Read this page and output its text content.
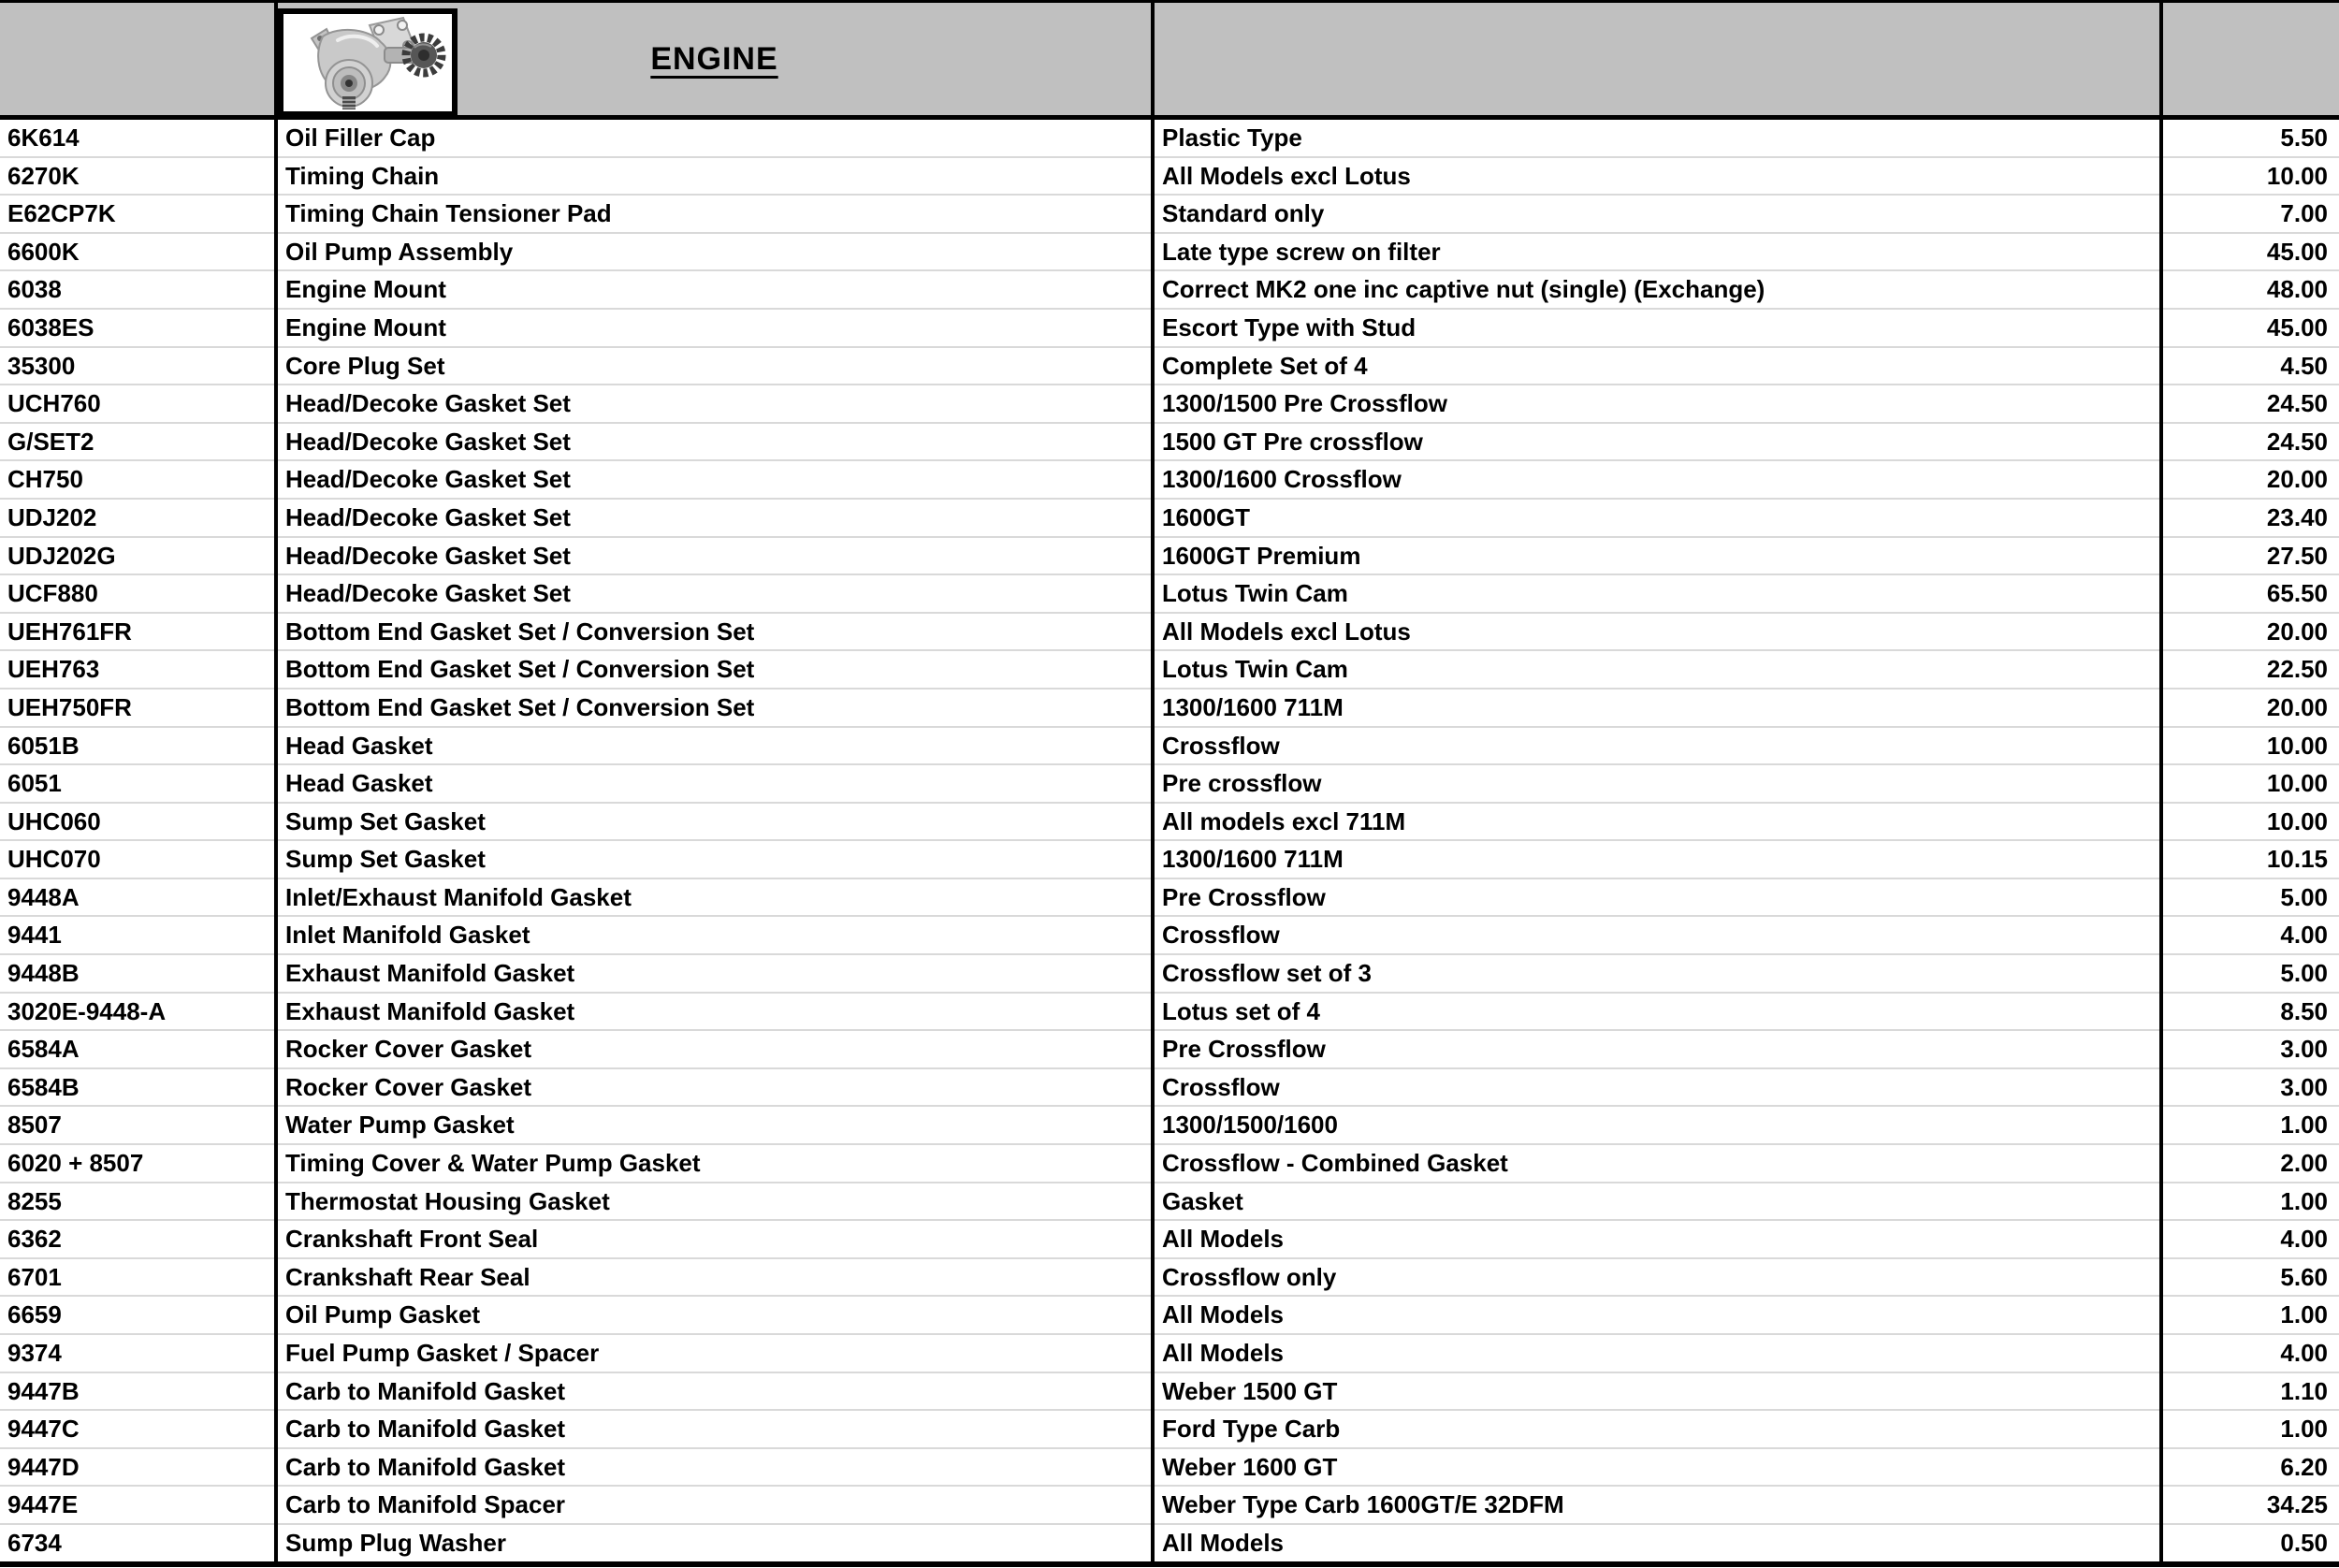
ENGINE		
6K614	Oil Filler Cap	Plastic Type	5.50
6270K	Timing Chain	All Models excl Lotus	10.00
E62CP7K	Timing Chain Tensioner Pad	Standard only	7.00
6600K	Oil Pump Assembly	Late type screw on filter	45.00
6038	Engine Mount	Correct MK2 one inc captive nut (single) (Exchange)	48.00
6038ES	Engine Mount	Escort Type with Stud	45.00
35300	Core Plug Set	Complete Set of 4	4.50
UCH760	Head/Decoke Gasket Set	1300/1500 Pre Crossflow	24.50
G/SET2	Head/Decoke Gasket Set	1500 GT Pre crossflow	24.50
CH750	Head/Decoke Gasket Set	1300/1600 Crossflow	20.00
UDJ202	Head/Decoke Gasket Set	1600GT	23.40
UDJ202G	Head/Decoke Gasket Set	1600GT Premium	27.50
UCF880	Head/Decoke Gasket Set	Lotus Twin Cam	65.50
UEH761FR	Bottom End Gasket Set / Conversion Set	All Models excl Lotus	20.00
UEH763	Bottom End Gasket Set / Conversion Set	Lotus Twin Cam	22.50
UEH750FR	Bottom End Gasket Set / Conversion Set	1300/1600 711M	20.00
6051B	Head Gasket	Crossflow	10.00
6051	Head Gasket	Pre crossflow	10.00
UHC060	Sump Set Gasket	All models excl 711M	10.00
UHC070	Sump Set Gasket	1300/1600 711M	10.15
9448A	Inlet/Exhaust Manifold Gasket	Pre Crossflow	5.00
9441	Inlet Manifold Gasket	Crossflow	4.00
9448B	Exhaust Manifold Gasket	Crossflow set of 3	5.00
3020E-9448-A	Exhaust Manifold Gasket	Lotus set of 4	8.50
6584A	Rocker Cover Gasket	Pre Crossflow	3.00
6584B	Rocker Cover Gasket	Crossflow	3.00
8507	Water Pump Gasket	1300/1500/1600	1.00
6020 + 8507	Timing Cover & Water Pump Gasket	Crossflow - Combined Gasket	2.00
8255	Thermostat Housing Gasket	Gasket	1.00
6362	Crankshaft Front Seal	All Models	4.00
6701	Crankshaft Rear Seal	Crossflow only	5.60
6659	Oil Pump Gasket	All Models	1.00
9374	Fuel Pump Gasket / Spacer	All Models	4.00
9447B	Carb to Manifold Gasket	Weber 1500 GT	1.10
9447C	Carb to Manifold Gasket	Ford Type Carb	1.00
9447D	Carb to Manifold Gasket	Weber 1600 GT	6.20
9447E	Carb to Manifold Spacer	Weber Type Carb 1600GT/E 32DFM	34.25
6734	Sump Plug Washer	All Models	0.50
